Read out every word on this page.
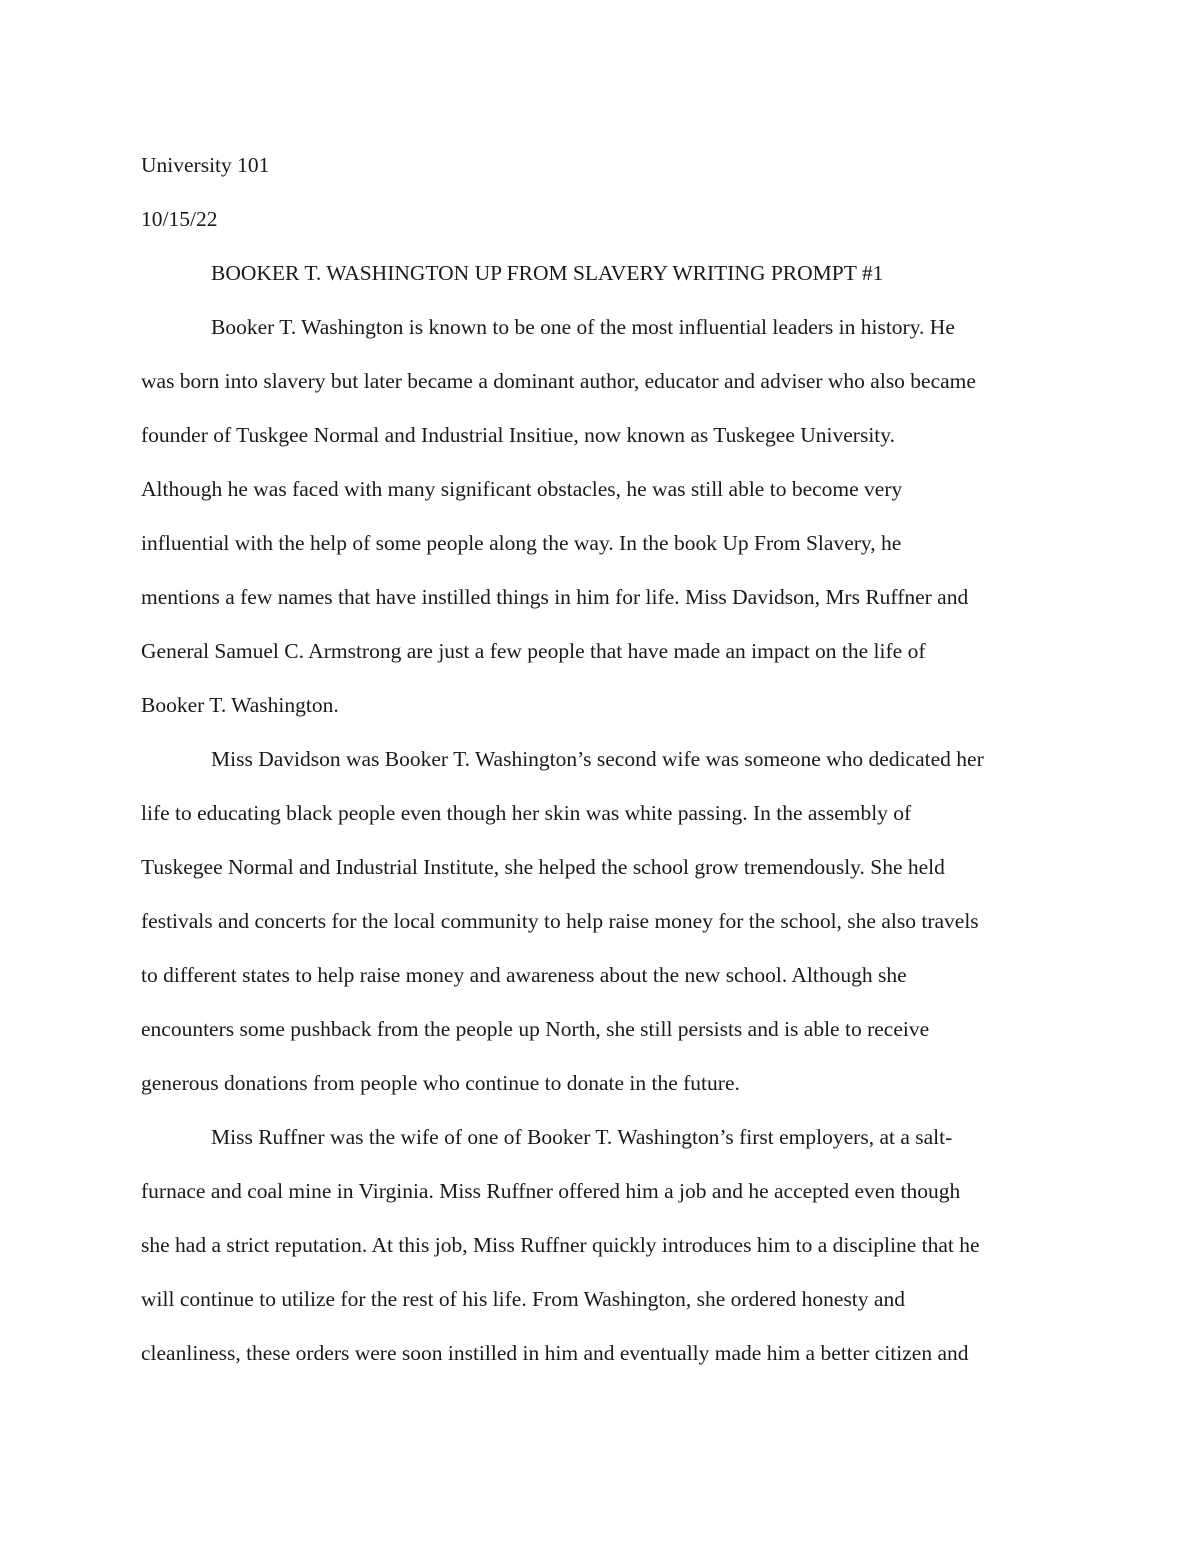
University 101
10/15/22
BOOKER T. WASHINGTON UP FROM SLAVERY WRITING PROMPT #1
Booker T. Washington is known to be one of the most influential leaders in history. He
was born into slavery but later became a dominant author, educator and adviser who also became
founder of Tuskgee Normal and Industrial Insitiue, now known as Tuskegee University.
Although he was faced with many significant obstacles, he was still able to become very
influential with the help of some people along the way. In the book Up From Slavery, he
mentions a few names that have instilled things in him for life. Miss Davidson, Mrs Ruffner and
General Samuel C. Armstrong are just a few people that have made an impact on the life of
Booker T. Washington.
Miss Davidson was Booker T. Washington’s second wife was someone who dedicated her
life to educating black people even though her skin was white passing. In the assembly of
Tuskegee Normal and Industrial Institute, she helped the school grow tremendously. She held
festivals and concerts for the local community to help raise money for the school, she also travels
to different states to help raise money and awareness about the new school. Although she
encounters some pushback from the people up North, she still persists and is able to receive
generous donations from people who continue to donate in the future.
Miss Ruffner was the wife of one of Booker T. Washington’s first employers, at a salt-
furnace and coal mine in Virginia. Miss Ruffner offered him a job and he accepted even though
she had a strict reputation. At this job, Miss Ruffner quickly introduces him to a discipline that he
will continue to utilize for the rest of his life. From Washington, she ordered honesty and
cleanliness, these orders were soon instilled in him and eventually made him a better citizen and
